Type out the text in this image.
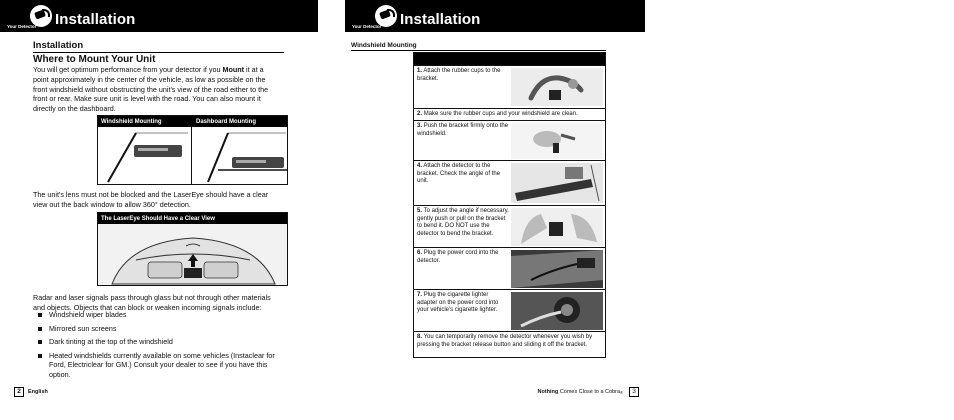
Installation
Your Detector
Installation
Where to Mount Your Unit

You will get optimum performance from your detector if you Mount it at a point approximately in the center of the vehicle, as low as possible on the front windshield without obstructing the unit's view of the road either to the front or rear. Make sure unit is level with the road. You can also mount it directly on the dashboard.

Windshield Mounting	Dashboard Mounting

The unit's lens must not be blocked and the LaserEye should have a clear view out the back window to allow 360° detection.

The LaserEye Should Have a Clear View

Radar and laser signals pass through glass but not through other materials and objects. Objects that can block or weaken incoming signals include:

Windshield wiper blades
Mirrored sun screens
Dark tinting at the top of the windshield
Heated windshields currently available on some vehicles (Instaclear for Ford, Electriclear for GM.) Consult your dealer to see if you have this option.
2	English
Installation
Your Detector
Windshield Mounting
1. Attach the rubber cups to the bracket.
2. Make sure the rubber cups and your windshield are clean.
3. Push the bracket firmly onto the windshield.
4. Attach the detector to the bracket. Check the angle of the unit.
5. To adjust the angle if necessary, gently push or pull on the bracket to bend it. DO NOT use the detector to bend the bracket.
6. Plug the power cord into the detector.
7. Plug the cigarette lighter adapter on the power cord into your vehicle's cigarette lighter.
8. You can temporarily remove the detector whenever you wish by pressing the bracket release button and sliding it off the bracket.
Nothing
Comes Close to a Cobra ®	3
